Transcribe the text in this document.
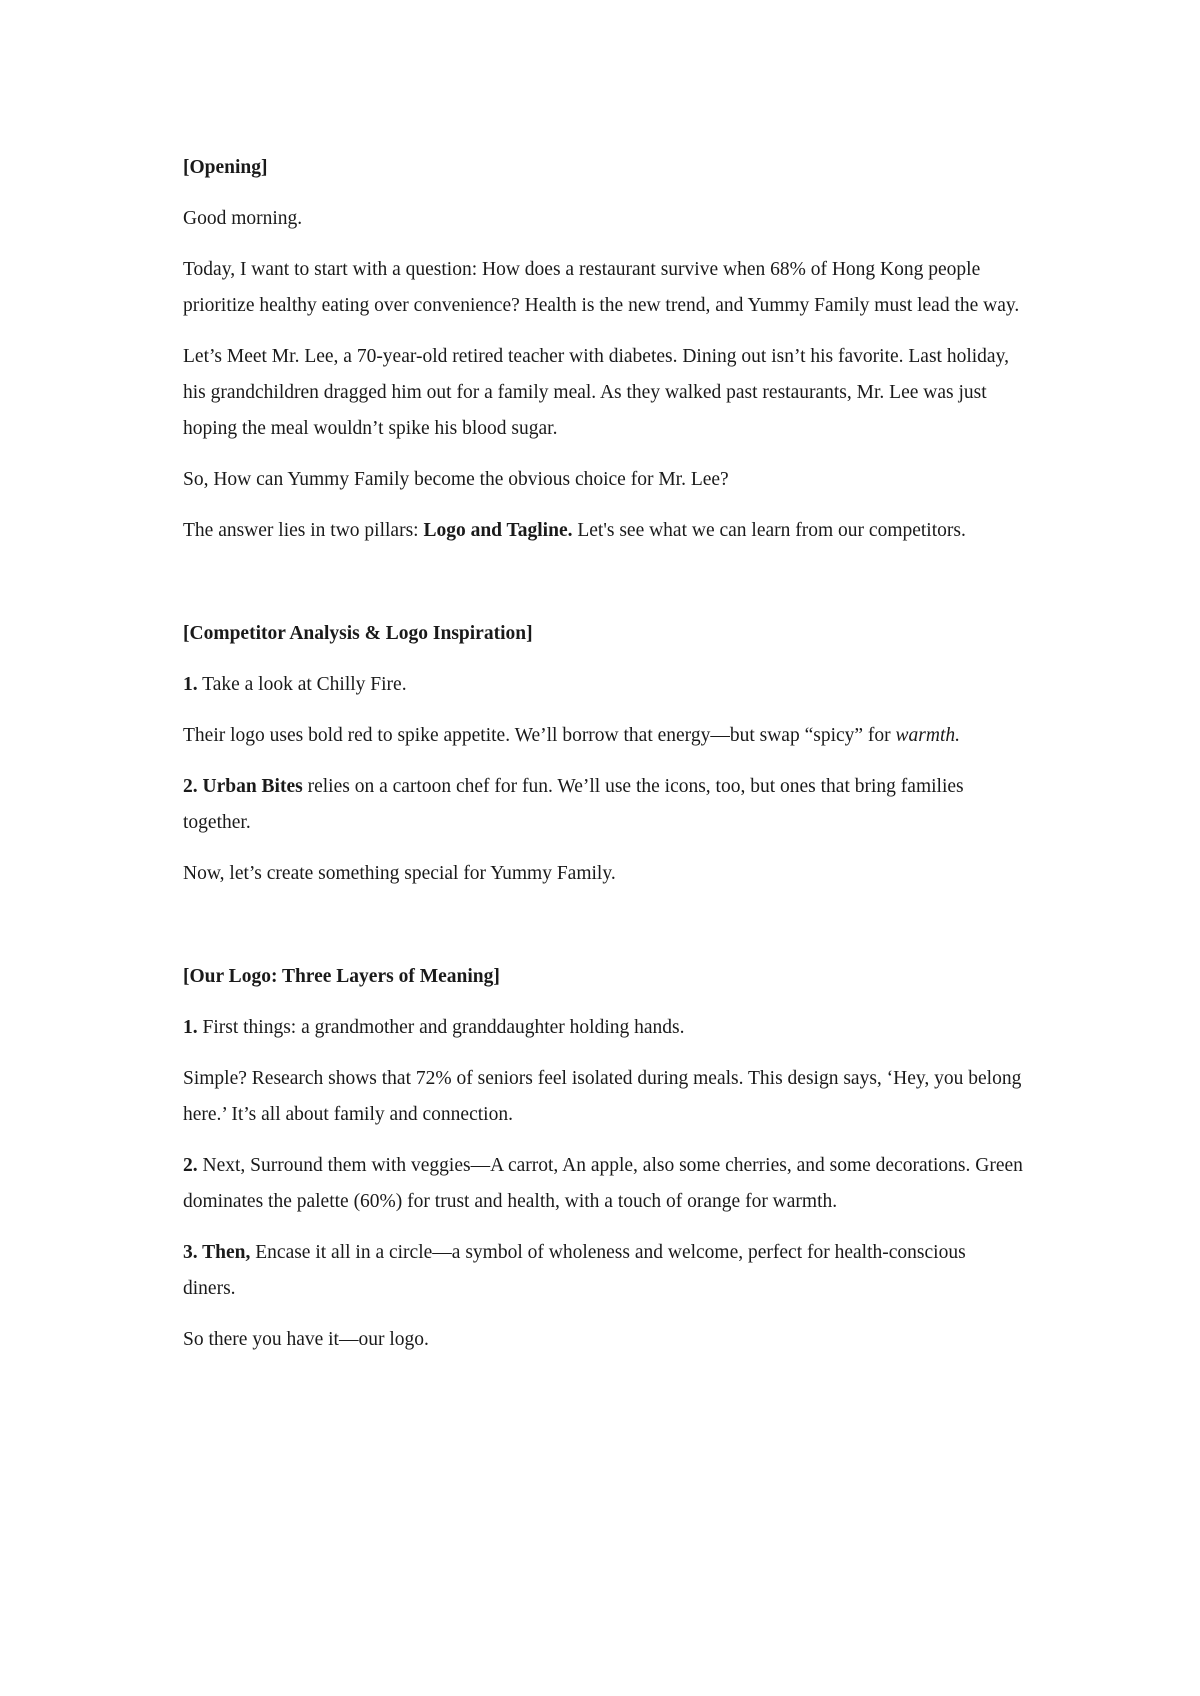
[Opening]

Good morning.

Today, I want to start with a question: How does a restaurant survive when 68% of Hong Kong people prioritize healthy eating over convenience? Health is the new trend, and Yummy Family must lead the way.

Let’s Meet Mr. Lee, a 70-year-old retired teacher with diabetes. Dining out isn’t his favorite. Last holiday, his grandchildren dragged him out for a family meal. As they walked past restaurants, Mr. Lee was just hoping the meal wouldn’t spike his blood sugar.

So, How can Yummy Family become the obvious choice for Mr. Lee?

The answer lies in two pillars: Logo and Tagline. Let's see what we can learn from our competitors.

[Competitor Analysis & Logo Inspiration]

1. Take a look at Chilly Fire.

Their logo uses bold red to spike appetite. We’ll borrow that energy—but swap “spicy” for warmth.

2. Urban Bites relies on a cartoon chef for fun. We’ll use the icons, too, but ones that bring families together.

Now, let’s create something special for Yummy Family.

[Our Logo: Three Layers of Meaning]

1. First things: a grandmother and granddaughter holding hands.

Simple? Research shows that 72% of seniors feel isolated during meals. This design says, ‘Hey, you belong here.’ It’s all about family and connection.

2. Next, Surround them with veggies—A carrot, An apple, also some cherries, and some decorations. Green dominates the palette (60%) for trust and health, with a touch of orange for warmth.

3. Then, Encase it all in a circle—a symbol of wholeness and welcome, perfect for health-conscious diners.

So there you have it—our logo.
